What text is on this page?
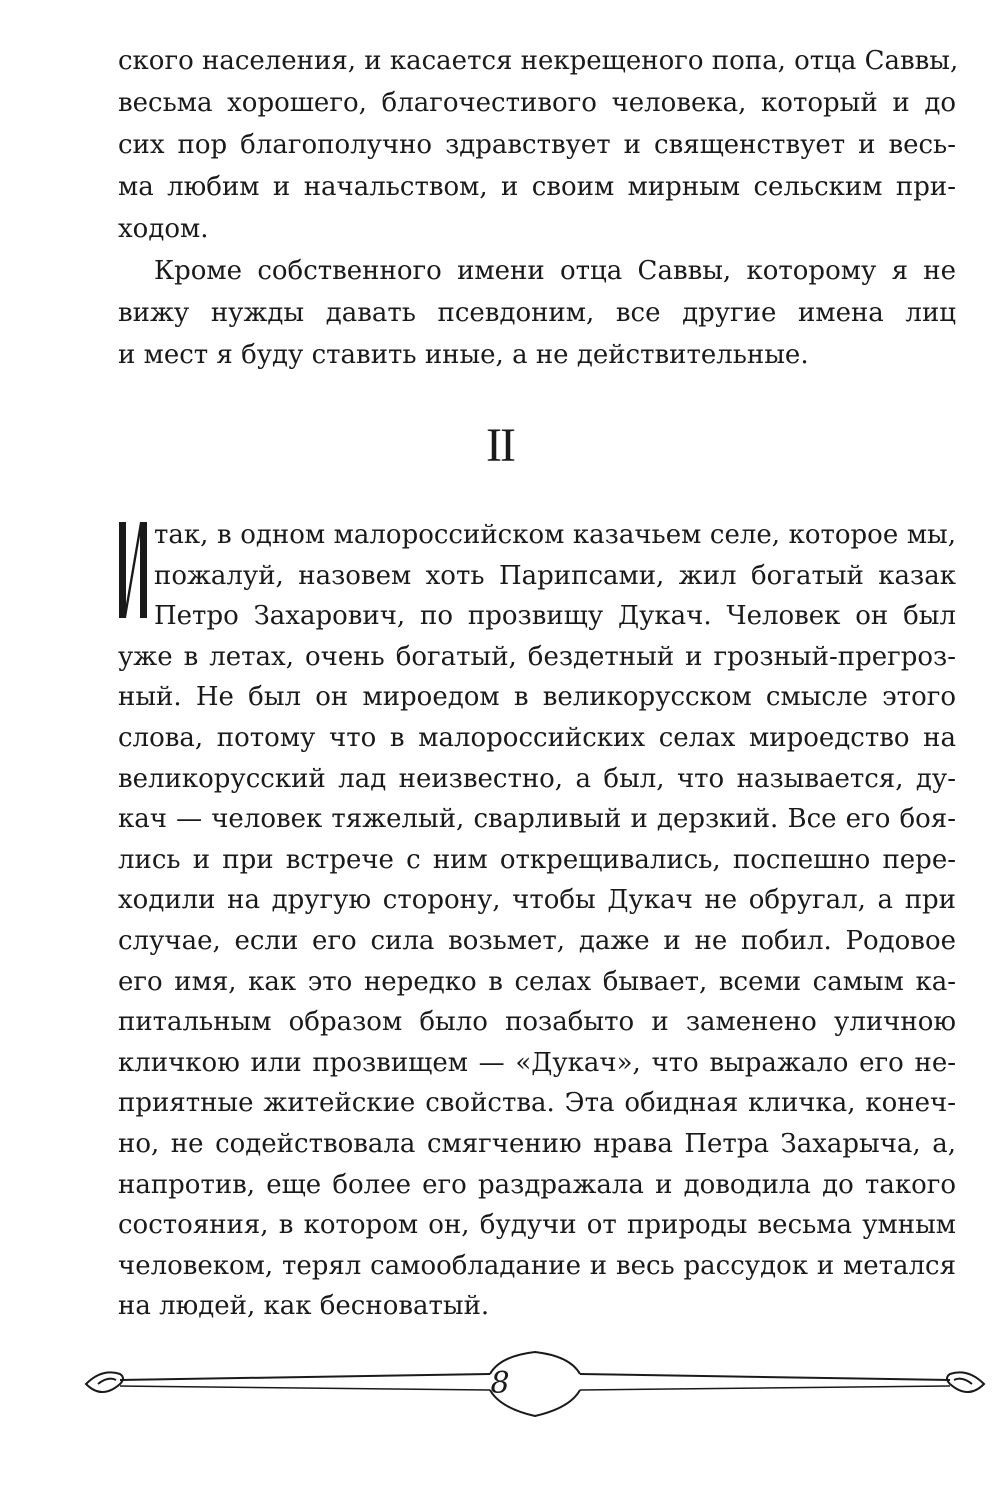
ского населения, и касается некрещеного попа, отца Саввы,
весьма хорошего, благочестивого человека, который и до
сих пор благополучно здравствует и священствует и весь-
ма любим и начальством, и своим мирным сельским при-
ходом.
Кроме собственного имени отца Саввы, которому я не
вижу нужды давать псевдоним, все другие имена лиц
и мест я буду ставить иные, а не действительные.
II
так, в одном малороссийском казачьем селе, которое мы,
пожалуй, назовем хоть Парипсами, жил богатый казак
Петро Захарович, по прозвищу Дукач. Человек он был
уже в летах, очень богатый, бездетный и грозный-прегроз-
ный. Не был он мироедом в великорусском смысле этого
слова, потому что в малороссийских селах мироедство на
великорусский лад неизвестно, а был, что называется, ду-
кач — человек тяжелый, сварливый и дерзкий. Все его боя-
лись и при встрече с ним открещивались, поспешно пере-
ходили на другую сторону, чтобы Дукач не обругал, а при
случае, если его сила возьмет, даже и не побил. Родовое
его имя, как это нередко в селах бывает, всеми самым ка-
питальным образом было позабыто и заменено уличною
кличкою или прозвищем — «Дукач», что выражало его не-
приятные житейские свойства. Эта обидная кличка, конеч-
но, не содействовала смягчению нрава Петра Захарыча, а,
напротив, еще более его раздражала и доводила до такого
состояния, в котором он, будучи от природы весьма умным
человеком, терял самообладание и весь рассудок и метался
на людей, как бесноватый.
8
